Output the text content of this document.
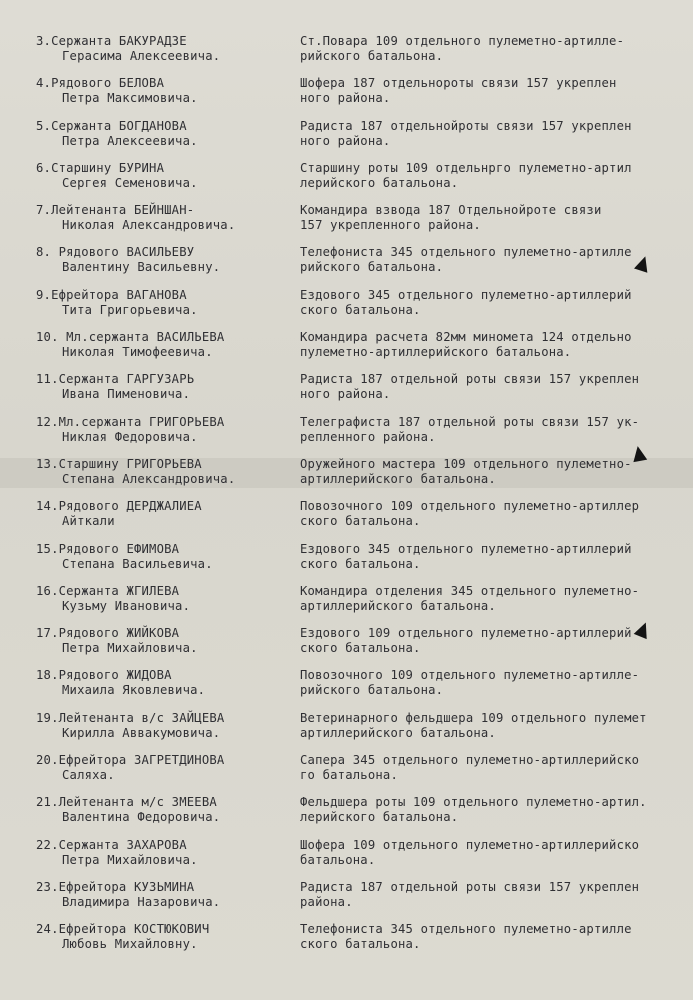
3.Сержанта БАКУРАДЗЕ
Герасима Алексеевича.
Ст.Повара 109 отдельного пулеметно-артилле-
рийского батальона.
4.Рядового БЕЛОВА
Петра Максимовича.
Шофера 187 отдельнороты связи 157 укреплен
ного района.
5.Сержанта БОГДАНОВА
Петра Алексеевича.
Радиста 187 отдельнойроты связи 157 укреплен
ного района.
6.Старшину БУРИНА
Сергея Семеновича.
Старшину роты 109 отдельнрго пулеметно-артил
лерийского батальона.
7.Лейтенанта БЕЙНШАН-
Николая Александровича.
Командира взвода 187 Отдельнойроте связи
157 укрепленного района.
8. Рядового ВАСИЛЬЕВУ
Валентину Васильевну.
Телефониста 345 отдельного пулеметно-артилле
рийского батальона.
9.Ефрейтора ВАГАНОВА
Тита Григорьевича.
Ездового 345 отдельного пулеметно-артиллерий
ского батальона.
10. Мл.сержанта ВАСИЛЬЕВА
Николая Тимофеевича.
Командира расчета 82мм миномета 124 отдельно
пулеметно-артиллерийского батальона.
11.Сержанта ГАРГУЗАРЬ
Ивана Пименовича.
Радиста 187 отдельной роты связи 157 укреплен
ного района.
12.Мл.сержанта ГРИГОРЬЕВА
Никлая Федоровича.
Телеграфиста 187 отдельной роты связи 157 ук-
репленного района.
13.Старшину ГРИГОРЬЕВА
Степана Александровича.
Оружейного мастера 109 отдельного пулеметно-
артиллерийского батальона.
14.Рядового ДЕРДЖАЛИЕА
Айткали
Повозочного 109 отдельного пулеметно-артиллер
ского батальона.
15.Рядового ЕФИМОВА
Степана Васильевича.
Ездового 345 отдельного пулеметно-артиллерий
ского батальона.
16.Сержанта ЖГИЛЕВА
Кузьму Ивановича.
Командира отделения 345 отдельного пулеметно-
артиллерийского батальона.
17.Рядового ЖИЙКОВА
Петра Михайловича.
Ездового 109 отдельного пулеметно-артиллерий
ского батальона.
18.Рядового ЖИДОВА
Михаила Яковлевича.
Повозочного 109 отдельного пулеметно-артилле-
рийского батальона.
19.Лейтенанта в/с ЗАЙЦЕВА
Кирилла Аввакумовича.
Ветеринарного фельдшера 109 отдельного пулемет
артиллерийского батальона.
20.Ефрейтора ЗАГРЕТДИНОВА
Саляха.
Сапера 345 отдельного пулеметно-артиллерийско
го батальона.
21.Лейтенанта м/с ЗМЕЕВА
Валентина Федоровича.
Фельдшера роты 109 отдельного пулеметно-артил.
лерийского батальона.
22.Сержанта ЗАХАРОВА
Петра Михайловича.
Шофера 109 отдельного пулеметно-артиллерийско
батальона.
23.Ефрейтора КУЗЬМИНА
Владимира Назаровича.
Радиста 187 отдельной роты связи 157 укреплен
района.
24.Ефрейтора КОСТЮКОВИЧ
Любовь Михайловну.
Телефониста 345 отдельного пулеметно-артилле
ского батальона.
